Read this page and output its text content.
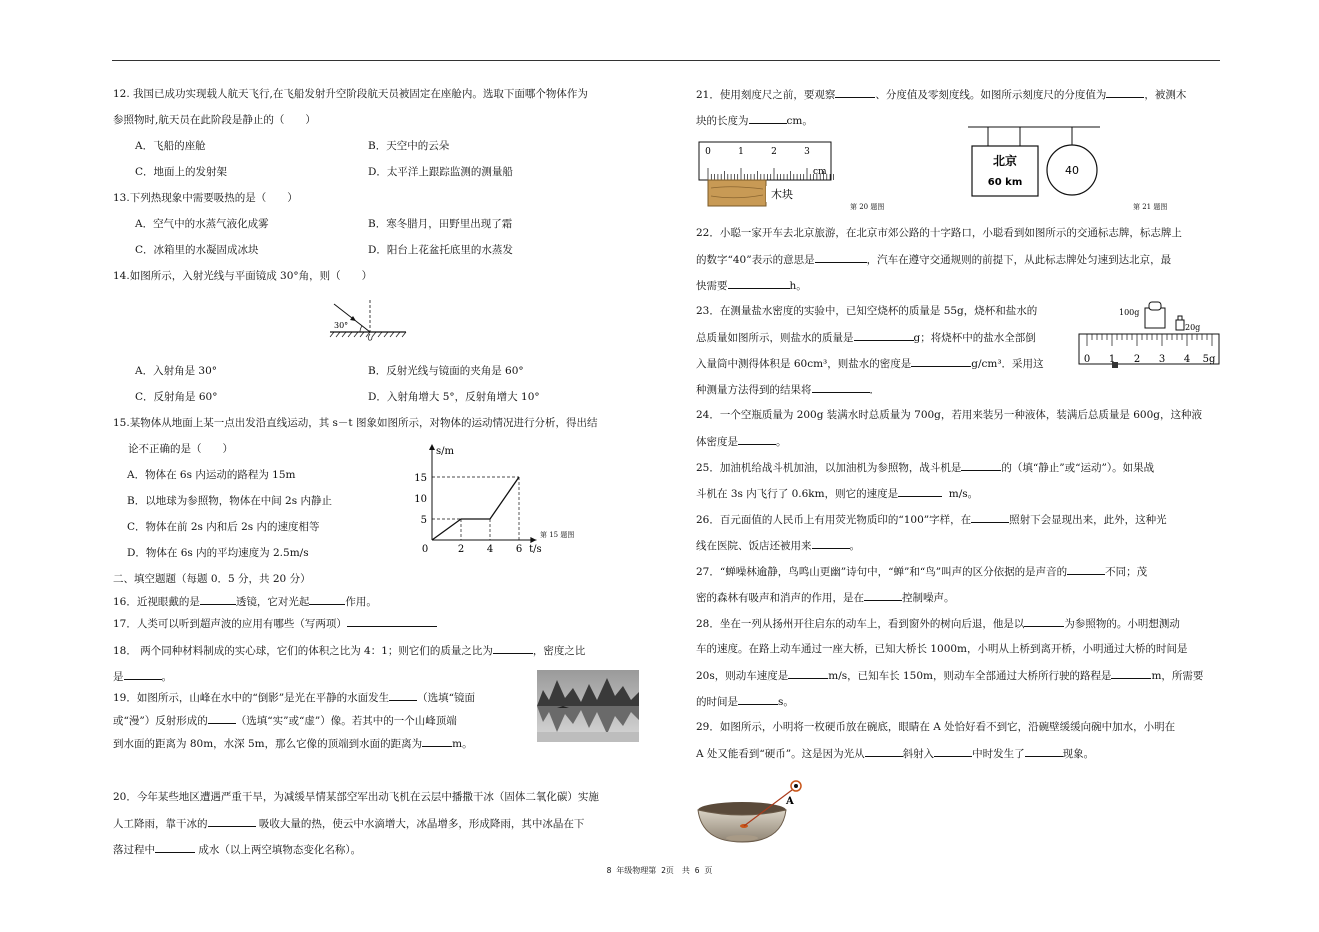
12. 我国已成功实现载人航天飞行,在飞船发射升空阶段航天员被固定在座舱内。选取下面哪个物体作为
参照物时,航天员在此阶段是静止的（　　）
A．飞船的座舱	B．天空中的云朵
C．地面上的发射架	D．太平洋上跟踪监测的测量船
13.下列热现象中需要吸热的是（　　）
A．空气中的水蒸气液化成雾	B．寒冬腊月，田野里出现了霜
C．冰箱里的水凝固成冰块	D．阳台上花盆托底里的水蒸发
14.如图所示，入射光线与平面镜成 30°角，则（　　）
30°
A．入射角是 30°	B．反射光线与镜面的夹角是 60°
C．反射角是 60°	D．入射角增大 5°，反射角增大 10°
15.某物体从地面上某一点出发沿直线运动，其 s－t 图象如图所示，对物体的运动情况进行分析，得出结
论不正确的是（　　）
A．物体在 6s 内运动的路程为 15m
B．以地球为参照物，物体在中间 2s 内静止
C．物体在前 2s 内和后 2s 内的速度相等
D．物体在 6s 内的平均速度为 2.5m/s
s/m
t/s
0	2 4 6
5
10
15
第 15 题图
二、填空题题（每题 0．5 分，共 20 分）
16．近视眼戴的是	透镜，它对光起	作用。
17．人类可以听到超声波的应用有哪些（写两项）
18． 两个同种材料制成的实心球，它们的体积之比为 4：1；则它们的质量之比为	，密度之比
是	。
19．如图所示，山峰在水中的“倒影”是光在平静的水面发生	（选填“镜面
或“漫”）反射形成的	（选填“实”或“虚”）像。若其中的一个山峰顶端
到水面的距离为 80m，水深 5m，那么它像的顶端到水面的距离为	m。
20．今年某些地区遭遇严重干旱，为减缓旱情某部空军出动飞机在云层中播撒干冰（固体二氧化碳）实施
人工降雨，靠干冰的	吸收大量的热，使云中水滴增大，冰晶增多，形成降雨，其中冰晶在下
落过程中	成水（以上两空填物态变化名称）。
21．使用刻度尺之前，要观察	、分度值及零刻度线。如图所示刻度尺的分度值为	，被测木
块的长度为	cm。
0	1	2	3
cm
木块
第 20 题图
北京
60 km
40
第 21 题图
22．小聪一家开车去北京旅游，在北京市郊公路的十字路口，小聪看到如图所示的交通标志牌，标志牌上
的数字“40”表示的意思是	，汽车在遵守交通规则的前提下，从此标志牌处匀速到达北京，最
快需要	h。
23．在测量盐水密度的实验中，已知空烧杯的质量是 55g，烧杯和盐水的
总质量如图所示，则盐水的质量是	g；将烧杯中的盐水全部倒
入量筒中测得体积是 60cm³，则盐水的密度是	g/cm³．采用这
种测量方法得到的结果将	．
100g
20g
0 1 2 3 4 5g
24．一个空瓶质量为 200g 装满水时总质量为 700g，若用来装另一种液体，装满后总质量是 600g，这种液
体密度是	。
25．加油机给战斗机加油，以加油机为参照物，战斗机是	的（填“静止”或“运动”）。如果战
斗机在 3s 内飞行了 0.6km，则它的速度是	m/s。
26．百元面值的人民币上有用荧光物质印的“100”字样，在	照射下会显现出来，此外，这种光
线在医院、饭店还被用来	。
27．“蝉噪林逾静，鸟鸣山更幽”诗句中，“蝉”和“鸟”叫声的区分依据的是声音的	不同；茂
密的森林有吸声和消声的作用，是在	控制噪声。
28．坐在一列从扬州开往启东的动车上，看到窗外的树向后退，他是以	为参照物的。小明想测动
车的速度。在路上动车通过一座大桥，已知大桥长 1000m，小明从上桥到离开桥，小明通过大桥的时间是
20s，则动车速度是	m/s，已知车长 150m，则动车全部通过大桥所行驶的路程是	m，所需要
的时间是	s。
29．如图所示，小明将一枚硬币放在碗底，眼睛在 A 处恰好看不到它，沿碗壁缓缓向碗中加水，小明在
A 处又能看到“硬币”。这是因为光从	斜射入	中时发生了	现象。
A
8 年级物理第 2页　共 6 页
